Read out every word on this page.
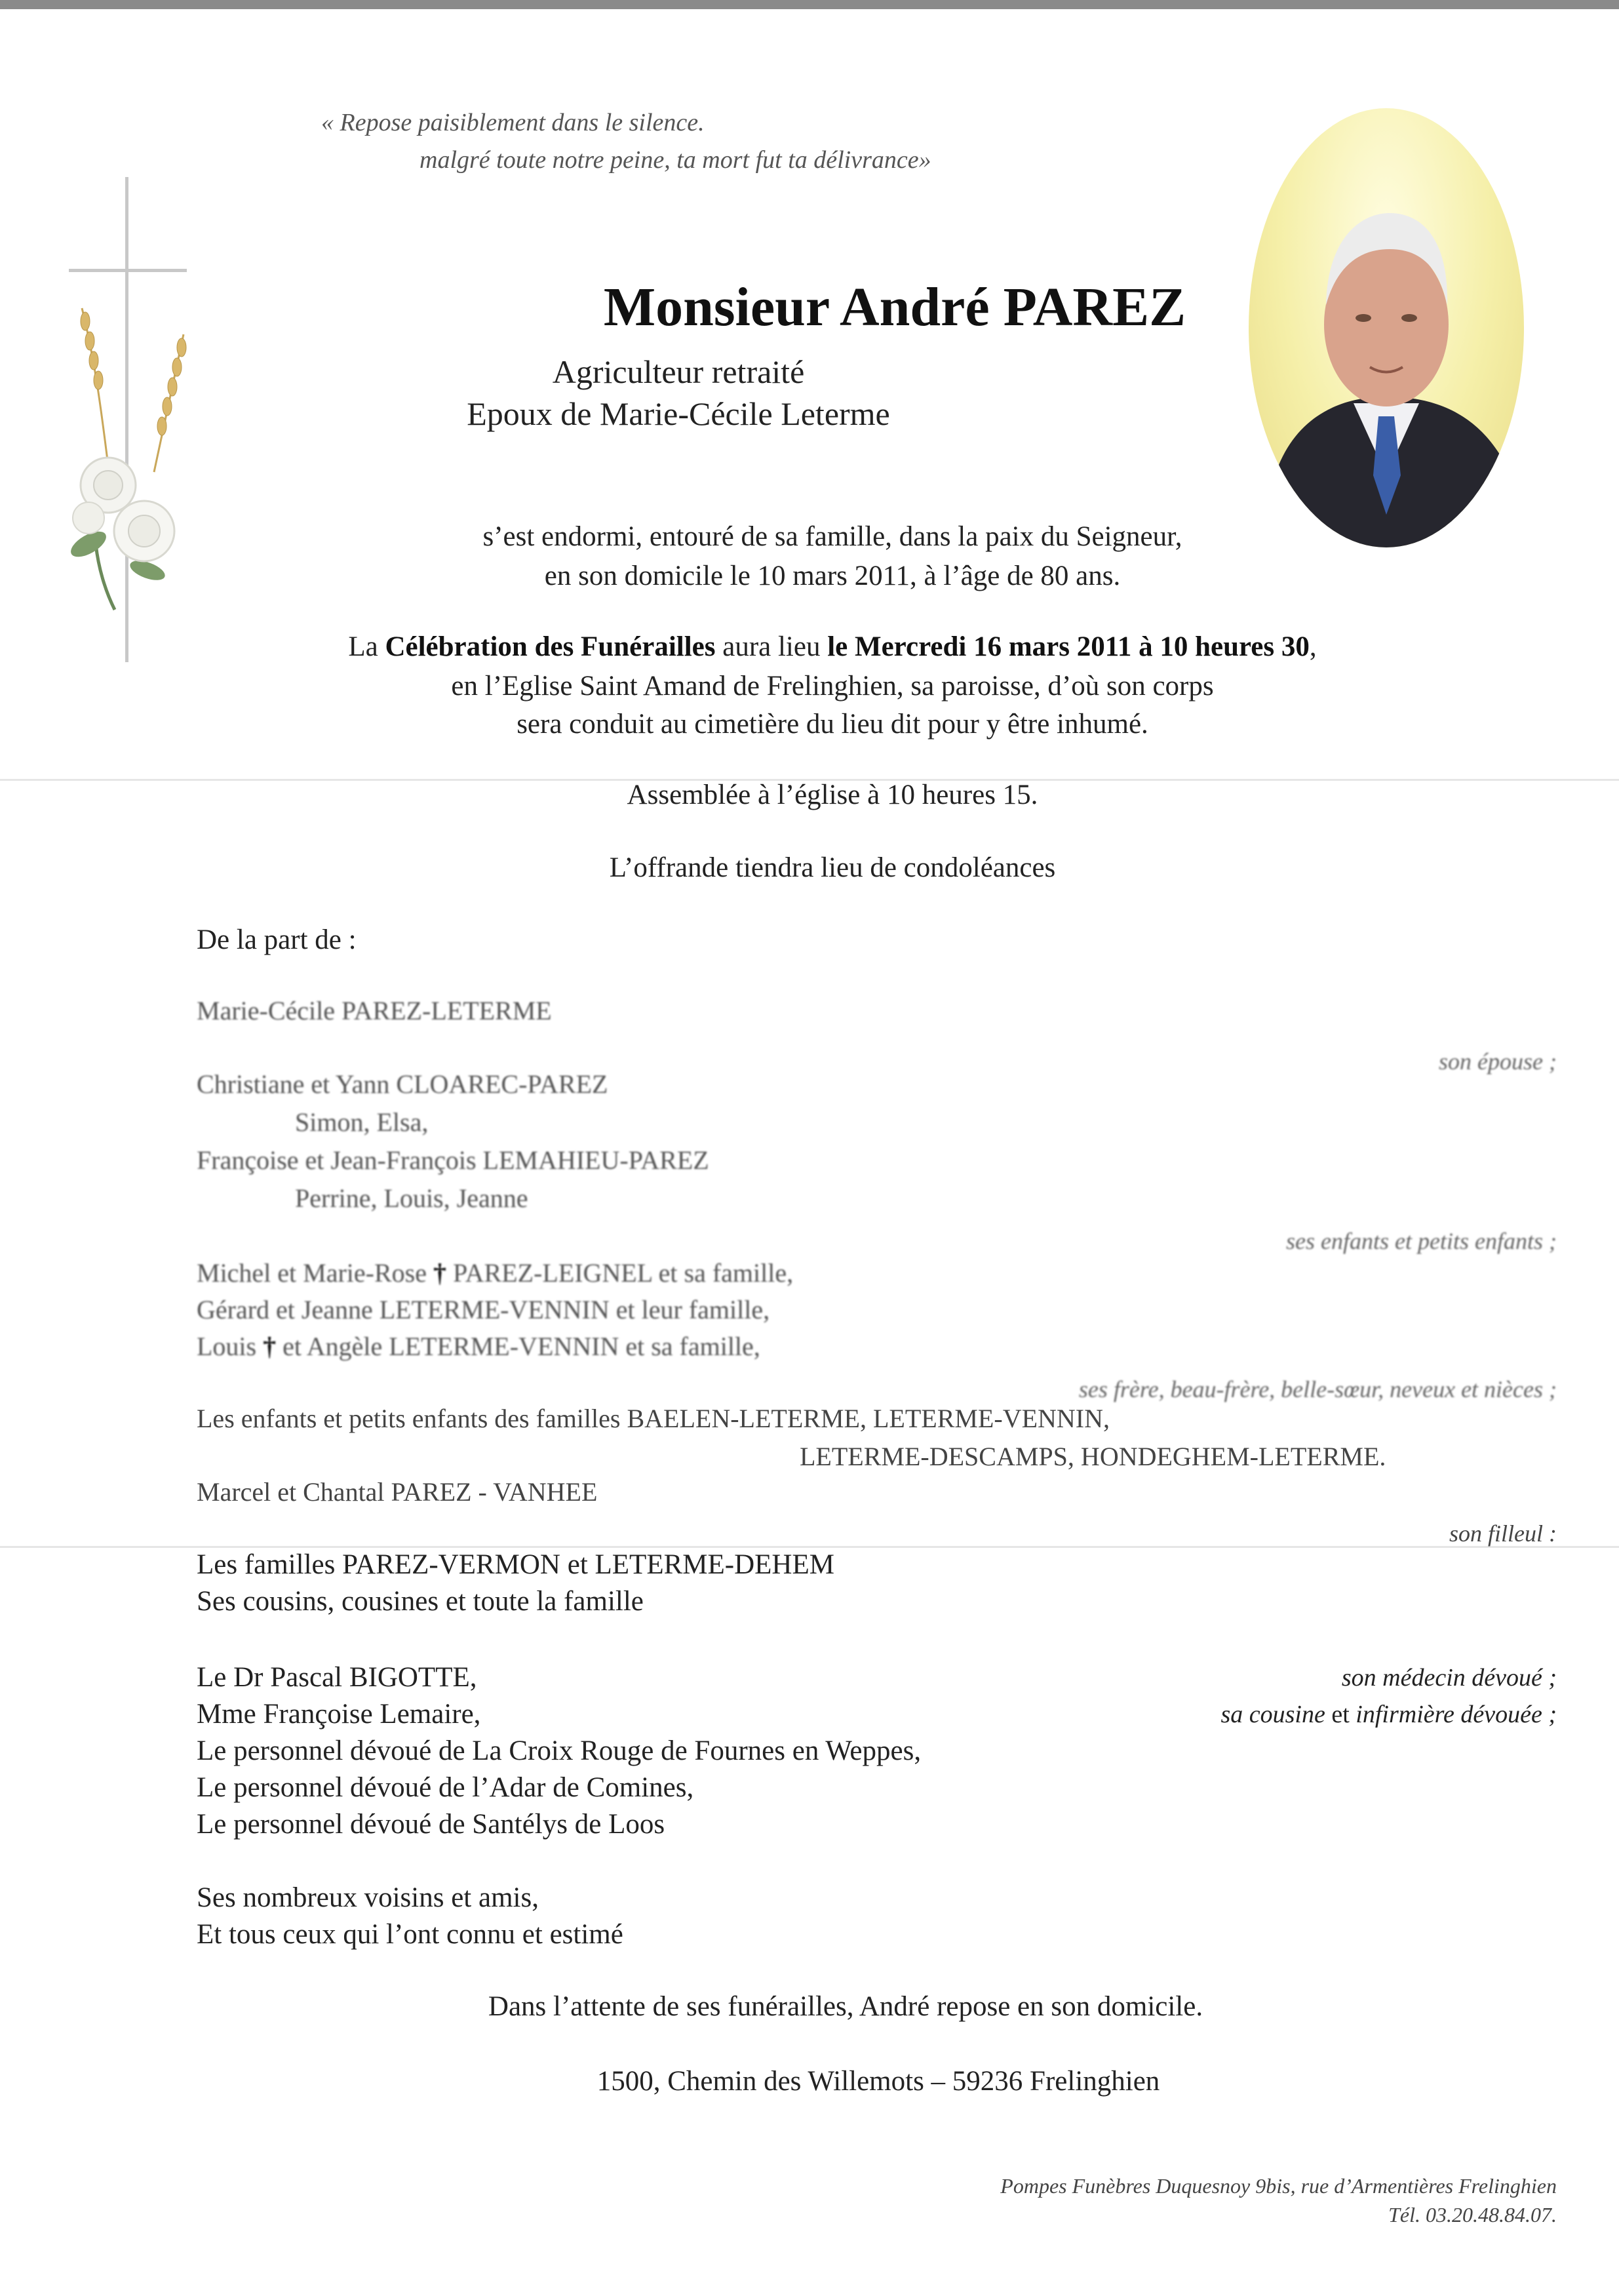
« Repose paisiblement dans le silence.

malgré toute notre peine, ta mort fut ta délivrance»

Monsieur André PAREZ

Agriculteur retraité

Epoux de Marie-Cécile Leterme

s’est endormi, entouré de sa famille, dans la paix du Seigneur,

en son domicile le 10 mars 2011, à l’âge de 80 ans.

La Célébration des Funérailles aura lieu le Mercredi 16 mars 2011 à 10 heures 30,

en l’Eglise Saint Amand de Frelinghien, sa paroisse, d’où son corps

sera conduit au cimetière du lieu dit pour y être inhumé.

Assemblée à l’église à 10 heures 15.

L’offrande tiendra lieu de condoléances

De la part de :

Marie-Cécile PAREZ-LETERME

son épouse ;

Christiane et Yann CLOAREC-PAREZ

Simon, Elsa,

Françoise et Jean-François LEMAHIEU-PAREZ

Perrine, Louis, Jeanne

ses enfants et petits enfants ;

Michel et Marie-Rose † PAREZ-LEIGNEL et sa famille,

Gérard et Jeanne LETERME-VENNIN et leur famille,

Louis † et Angèle LETERME-VENNIN et sa famille,

ses frère, beau-frère, belle-sœur, neveux et nièces ;

Les enfants et petits enfants des familles BAELEN-LETERME, LETERME-VENNIN,

LETERME-DESCAMPS, HONDEGHEM-LETERME.

Marcel et Chantal PAREZ - VANHEE

son filleul :

Les familles PAREZ-VERMON et LETERME-DEHEM

Ses cousins, cousines et toute la famille

Le Dr Pascal BIGOTTE,	son médecin dévoué ;

Mme Françoise Lemaire,	sa cousine et infirmière dévouée ;

Le personnel dévoué de La Croix Rouge de Fournes en Weppes,

Le personnel dévoué de l’Adar de Comines,

Le personnel dévoué de Santélys de Loos

Ses nombreux voisins et amis,

Et tous ceux qui l’ont connu et estimé

Dans l’attente de ses funérailles, André repose en son domicile.

1500, Chemin des Willemots – 59236 Frelinghien

Pompes Funèbres Duquesnoy 9bis, rue d’Armentières Frelinghien

Tél. 03.20.48.84.07.
